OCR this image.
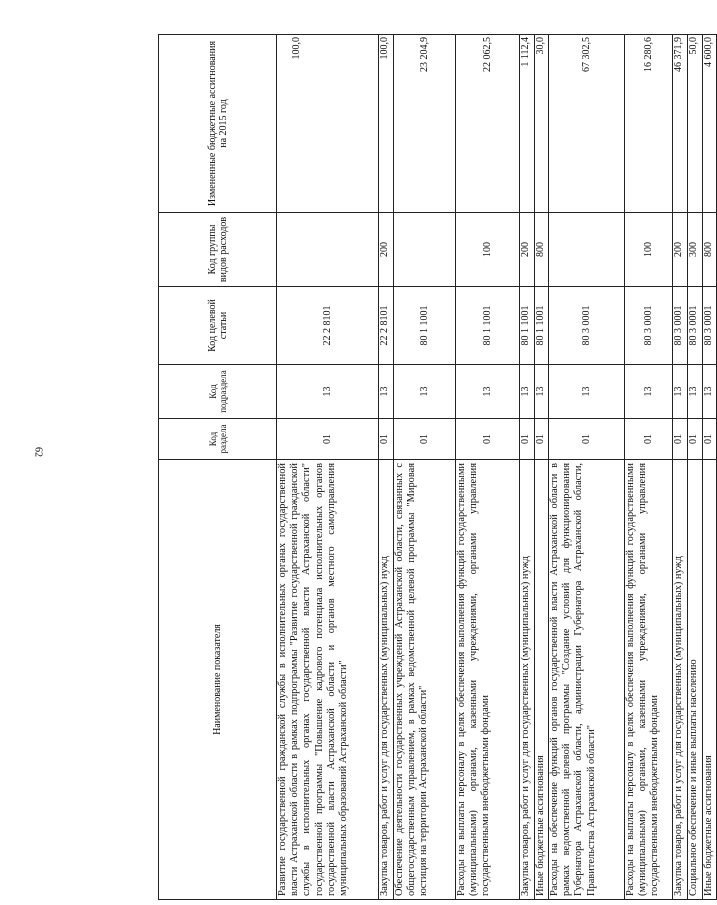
62
Наименование показателя	Код раздела	Код подраздела	Код целевой статьи	Код группы видов расходов	Измененные бюджетные ассигнования на 2015 год
Развитие государственной гражданской службы в исполнительных органах государственной власти Астраханской области в рамках подпрограммы "Развитие государственной гражданской службы в исполнительных органах государственной власти Астраханской области" государственной программы "Повышение кадрового потенциала исполнительных органов государственной власти Астраханской области и органов местного самоуправления муниципальных образований Астраханской области"	01	13	22 2 8101		100,0
Закупка товаров, работ и услуг для государственных (муниципальных) нужд	01	13	22 2 8101	200	100,0
Обеспечение деятельности государственных учреждений Астраханской области, связанных с общегосударственным управлением, в рамках ведомственной целевой программы "Мировая юстиция на территории Астраханской области"	01	13	80 1 1001		23 204,9
Расходы на выплаты персоналу в целях обеспечения выполнения функций государственными (муниципальными) органами, казенными учреждениями, органами управления государственными внебюджетными фондами	01	13	80 1 1001	100	22 062,5
Закупка товаров, работ и услуг для государственных (муниципальных) нужд	01	13	80 1 1001	200	1 112,4
Иные бюджетные ассигнования	01	13	80 1 1001	800	30,0
Расходы на обеспечение функций органов государственной власти Астраханской области в рамках ведомственной целевой программы "Создание условий для функционирования Губернатора Астраханской области, администрации Губернатора Астраханской области, Правительства Астраханской области"	01	13	80 3 0001		67 302,5
Расходы на выплаты персоналу в целях обеспечения выполнения функций государственными (муниципальными) органами, казенными учреждениями, органами управления государственными внебюджетными фондами	01	13	80 3 0001	100	16 280,6
Закупка товаров, работ и услуг для государственных (муниципальных) нужд	01	13	80 3 0001	200	46 371,9
Социальное обеспечение и иные выплаты населению	01	13	80 3 0001	300	50,0
Иные бюджетные ассигнования	01	13	80 3 0001	800	4 600,0
